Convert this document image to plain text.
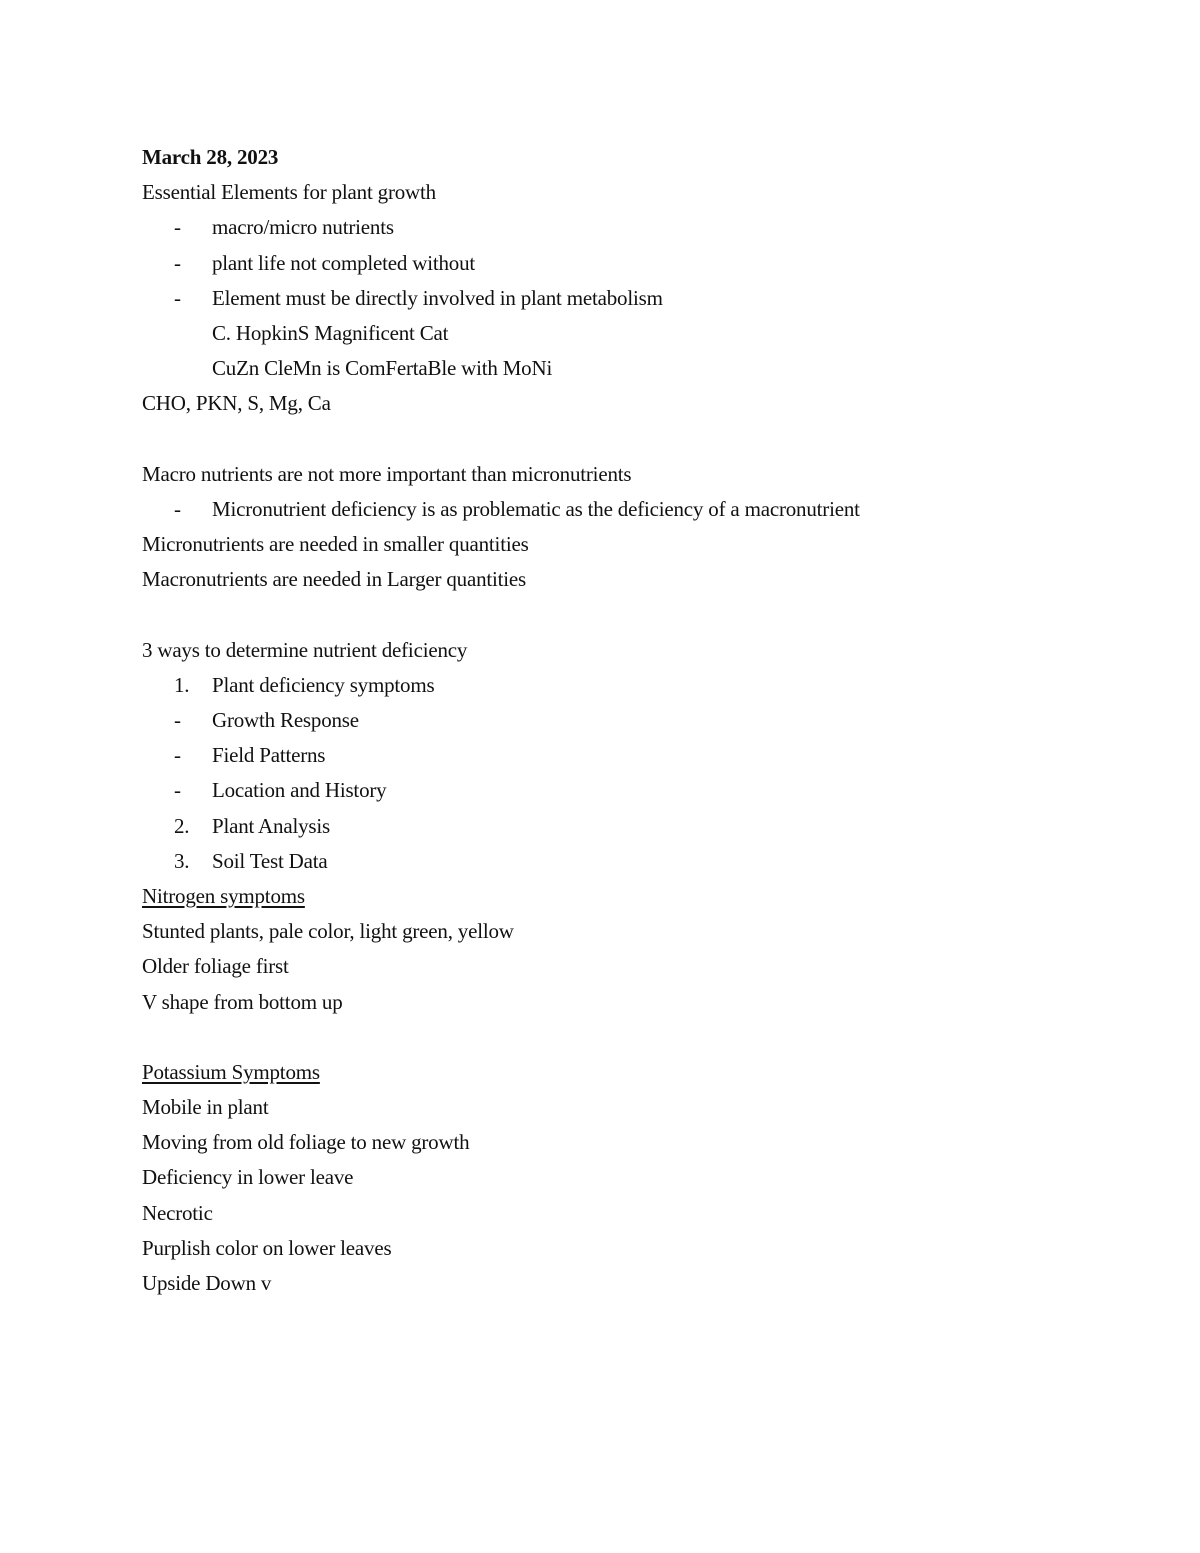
March 28, 2023
Essential Elements for plant growth
-	macro/micro nutrients
-	plant life not completed without
-	Element must be directly involved in plant metabolism
C. HopkinS Magnificent Cat
CuZn CleMn is ComFertaBle with MoNi
CHO, PKN, S, Mg, Ca
Macro nutrients are not more important than micronutrients
-	Micronutrient deficiency is as problematic as the deficiency of a macronutrient
Micronutrients are needed in smaller quantities
Macronutrients are needed in Larger quantities
3 ways to determine nutrient deficiency
1.	Plant deficiency symptoms
-	Growth Response
-	Field Patterns
-	Location and History
2.	Plant Analysis
3.	Soil Test Data
Nitrogen symptoms
Stunted plants, pale color, light green, yellow
Older foliage first
V shape from bottom up
Potassium Symptoms
Mobile in plant
Moving from old foliage to new growth
Deficiency in lower leave
Necrotic
Purplish color on lower leaves
Upside Down v
